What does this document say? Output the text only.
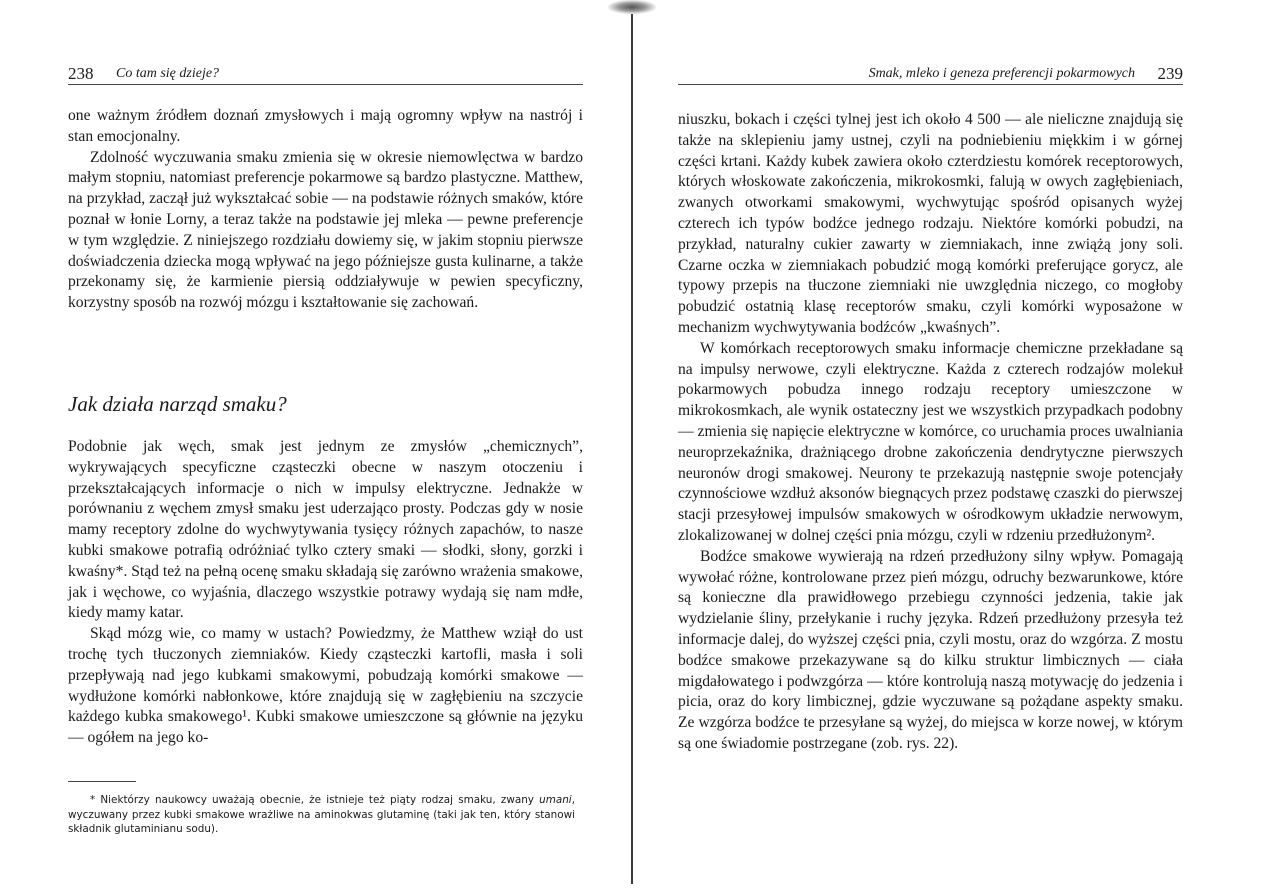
238 Co tam się dzieje?

one ważnym źródłem doznań zmysłowych i mają ogromny wpływ na nastrój i stan emocjonalny.

Zdolność wyczuwania smaku zmienia się w okresie niemowlęctwa w bardzo małym stopniu, natomiast preferencje pokarmowe są bardzo plastyczne. Matthew, na przykład, zaczął już wykształcać sobie — na podstawie różnych smaków, które poznał w łonie Lorny, a teraz także na podstawie jej mleka — pewne preferencje w tym względzie. Z niniejszego rozdziału dowiemy się, w jakim stopniu pierwsze doświadczenia dziecka mogą wpływać na jego późniejsze gusta kulinarne, a także przekonamy się, że karmienie piersią oddziaływuje w pewien specyficzny, korzystny sposób na rozwój mózgu i kształtowanie się zachowań.

Jak działa narząd smaku?

Podobnie jak węch, smak jest jednym ze zmysłów „chemicznych”, wykrywających specyficzne cząsteczki obecne w naszym otoczeniu i przekształcających informacje o nich w impulsy elektryczne. Jednakże w porównaniu z węchem zmysł smaku jest uderzająco prosty. Podczas gdy w nosie mamy receptory zdolne do wychwytywania tysięcy różnych zapachów, to nasze kubki smakowe potrafią odróżniać tylko cztery smaki — słodki, słony, gorzki i kwaśny*. Stąd też na pełną ocenę smaku składają się zarówno wrażenia smakowe, jak i węchowe, co wyjaśnia, dlaczego wszystkie potrawy wydają się nam mdłe, kiedy mamy katar.

Skąd mózg wie, co mamy w ustach? Powiedzmy, że Matthew wziął do ust trochę tych tłuczonych ziemniaków. Kiedy cząsteczki kartofli, masła i soli przepływają nad jego kubkami smakowymi, pobudzają komórki smakowe — wydłużone komórki nabłonkowe, które znajdują się w zagłębieniu na szczycie każdego kubka smakowego¹. Kubki smakowe umieszczone są głównie na języku — ogółem na jego ko-

* Niektórzy naukowcy uważają obecnie, że istnieje też piąty rodzaj smaku, zwany umani, wyczuwany przez kubki smakowe wrażliwe na aminokwas glutaminę (taki jak ten, który stanowi składnik glutaminianu sodu).
Smak, mleko i geneza preferencji pokarmowych 239

niuszku, bokach i części tylnej jest ich około 4 500 — ale nieliczne znajdują się także na sklepieniu jamy ustnej, czyli na podniebieniu miękkim i w górnej części krtani. Każdy kubek zawiera około czterdziestu komórek receptorowych, których włoskowate zakończenia, mikrokosmki, falują w owych zagłębieniach, zwanych otworkami smakowymi, wychwytując spośród opisanych wyżej czterech ich typów bodźce jednego rodzaju. Niektóre komórki pobudzi, na przykład, naturalny cukier zawarty w ziemniakach, inne zwiążą jony soli. Czarne oczka w ziemniakach pobudzić mogą komórki preferujące gorycz, ale typowy przepis na tłuczone ziemniaki nie uwzględnia niczego, co mogłoby pobudzić ostatnią klasę receptorów smaku, czyli komórki wyposażone w mechanizm wychwytywania bodźców „kwaśnych”.

W komórkach receptorowych smaku informacje chemiczne przekładane są na impulsy nerwowe, czyli elektryczne. Każda z czterech rodzajów molekuł pokarmowych pobudza innego rodzaju receptory umieszczone w mikrokosmkach, ale wynik ostateczny jest we wszystkich przypadkach podobny — zmienia się napięcie elektryczne w komórce, co uruchamia proces uwalniania neuroprzekaźnika, drażniącego drobne zakończenia dendrytyczne pierwszych neuronów drogi smakowej. Neurony te przekazują następnie swoje potencjały czynnościowe wzdłuż aksonów biegnących przez podstawę czaszki do pierwszej stacji przesyłowej impulsów smakowych w ośrodkowym układzie nerwowym, zlokalizowanej w dolnej części pnia mózgu, czyli w rdzeniu przedłużonym².

Bodźce smakowe wywierają na rdzeń przedłużony silny wpływ. Pomagają wywołać różne, kontrolowane przez pień mózgu, odruchy bezwarunkowe, które są konieczne dla prawidłowego przebiegu czynności jedzenia, takie jak wydzielanie śliny, przełykanie i ruchy języka. Rdzeń przedłużony przesyła też informacje dalej, do wyższej części pnia, czyli mostu, oraz do wzgórza. Z mostu bodźce smakowe przekazywane są do kilku struktur limbicznych — ciała migdałowatego i podwzgórza — które kontrolują naszą motywację do jedzenia i picia, oraz do kory limbicznej, gdzie wyczuwane są pożądane aspekty smaku. Ze wzgórza bodźce te przesyłane są wyżej, do miejsca w korze nowej, w którym są one świadomie postrzegane (zob. rys. 22).
